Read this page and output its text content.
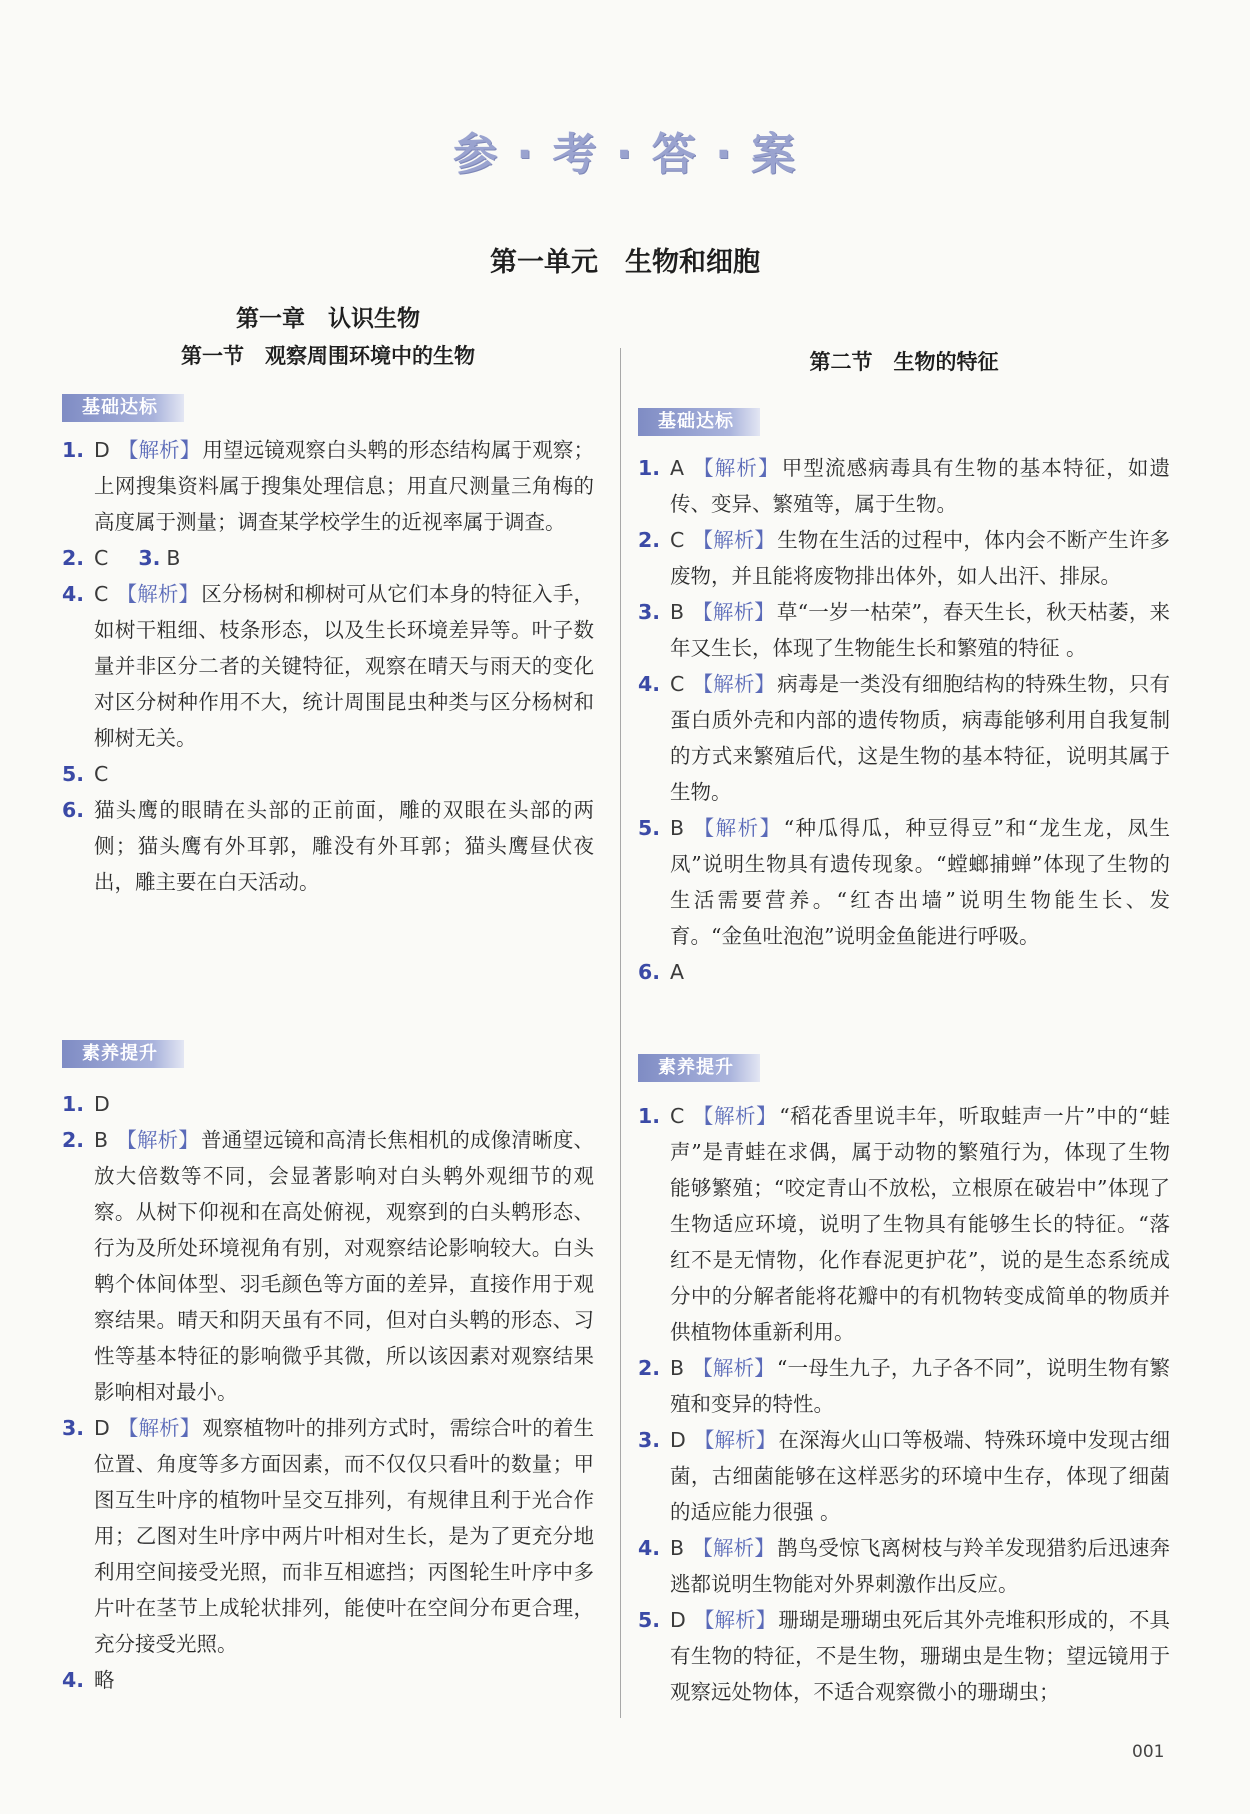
参 · 考 · 答 · 案
第一单元　生物和细胞
第一章　认识生物
第一节　观察周围环境中的生物
基础达标
1. D 【解析】用望远镜观察白头鹎的形态结构属于观察；上网搜集资料属于搜集处理信息；用直尺测量三角梅的高度属于测量；调查某学校学生的近视率属于调查。
2. C 3. B
4. C 【解析】区分杨树和柳树可从它们本身的特征入手，如树干粗细、枝条形态，以及生长环境差异等。叶子数量并非区分二者的关键特征，观察在晴天与雨天的变化对区分树种作用不大，统计周围昆虫种类与区分杨树和柳树无关。
5. C
6. 猫头鹰的眼睛在头部的正前面，雕的双眼在头部的两侧；猫头鹰有外耳郭，雕没有外耳郭；猫头鹰昼伏夜出，雕主要在白天活动。
素养提升
1. D
2. B 【解析】普通望远镜和高清长焦相机的成像清晰度、放大倍数等不同，会显著影响对白头鹎外观细节的观察。从树下仰视和在高处俯视，观察到的白头鹎形态、行为及所处环境视角有别，对观察结论影响较大。白头鹎个体间体型、羽毛颜色等方面的差异，直接作用于观察结果。晴天和阴天虽有不同，但对白头鹎的形态、习性等基本特征的影响微乎其微，所以该因素对观察结果影响相对最小。
3. D 【解析】观察植物叶的排列方式时，需综合叶的着生位置、角度等多方面因素，而不仅仅只看叶的数量；甲图互生叶序的植物叶呈交互排列，有规律且利于光合作用；乙图对生叶序中两片叶相对生长，是为了更充分地利用空间接受光照，而非互相遮挡；丙图轮生叶序中多片叶在茎节上成轮状排列，能使叶在空间分布更合理，充分接受光照。
4. 略
第二节　生物的特征
基础达标
1. A 【解析】甲型流感病毒具有生物的基本特征，如遗传、变异、繁殖等，属于生物。
2. C 【解析】生物在生活的过程中，体内会不断产生许多废物，并且能将废物排出体外，如人出汗、排尿。
3. B 【解析】草“一岁一枯荣”，春天生长，秋天枯萎，来年又生长，体现了生物能生长和繁殖的特征 。
4. C 【解析】病毒是一类没有细胞结构的特殊生物，只有蛋白质外壳和内部的遗传物质，病毒能够利用自我复制的方式来繁殖后代，这是生物的基本特征，说明其属于生物。
5. B 【解析】“种瓜得瓜，种豆得豆”和“龙生龙，凤生凤”说明生物具有遗传现象。“螳螂捕蝉”体现了生物的生活需要营养。“红杏出墙”说明生物能生长、发育。“金鱼吐泡泡”说明金鱼能进行呼吸。
6. A
素养提升
1. C 【解析】“稻花香里说丰年，听取蛙声一片”中的“蛙声”是青蛙在求偶，属于动物的繁殖行为，体现了生物能够繁殖；“咬定青山不放松，立根原在破岩中”体现了生物适应环境，说明了生物具有能够生长的特征。“落红不是无情物，化作春泥更护花”，说的是生态系统成分中的分解者能将花瓣中的有机物转变成简单的物质并供植物体重新利用。
2. B 【解析】“一母生九子，九子各不同”，说明生物有繁殖和变异的特性。
3. D 【解析】在深海火山口等极端、特殊环境中发现古细菌，古细菌能够在这样恶劣的环境中生存，体现了细菌的适应能力很强 。
4. B 【解析】鹊鸟受惊飞离树枝与羚羊发现猎豹后迅速奔逃都说明生物能对外界刺激作出反应。
5. D 【解析】珊瑚是珊瑚虫死后其外壳堆积形成的，不具有生物的特征，不是生物，珊瑚虫是生物；望远镜用于观察远处物体，不适合观察微小的珊瑚虫；
001
